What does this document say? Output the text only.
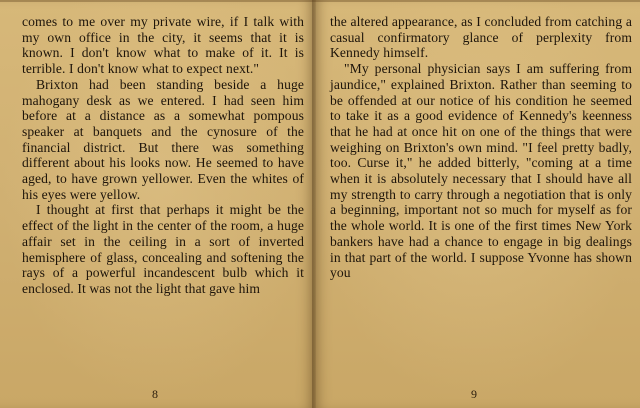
comes to me over my private wire, if I talk with my own office in the city, it seems that it is known. I don't know what to make of it. It is terrible. I don't know what to expect next."

Brixton had been standing beside a huge mahogany desk as we entered. I had seen him before at a distance as a somewhat pompous speaker at banquets and the cynosure of the financial district. But there was something different about his looks now. He seemed to have aged, to have grown yellower. Even the whites of his eyes were yellow.

I thought at first that perhaps it might be the effect of the light in the center of the room, a huge affair set in the ceiling in a sort of inverted hemisphere of glass, concealing and softening the rays of a powerful incandescent bulb which it enclosed. It was not the light that gave him

8

the altered appearance, as I concluded from catching a casual confirmatory glance of perplexity from Kennedy himself.

"My personal physician says I am suffering from jaundice," explained Brixton. Rather than seeming to be offended at our notice of his condition he seemed to take it as a good evidence of Kennedy's keenness that he had at once hit on one of the things that were weighing on Brixton's own mind. "I feel pretty badly, too. Curse it," he added bitterly, "coming at a time when it is absolutely necessary that I should have all my strength to carry through a negotiation that is only a beginning, important not so much for myself as for the whole world. It is one of the first times New York bankers have had a chance to engage in big dealings in that part of the world. I suppose Yvonne has shown you

9
